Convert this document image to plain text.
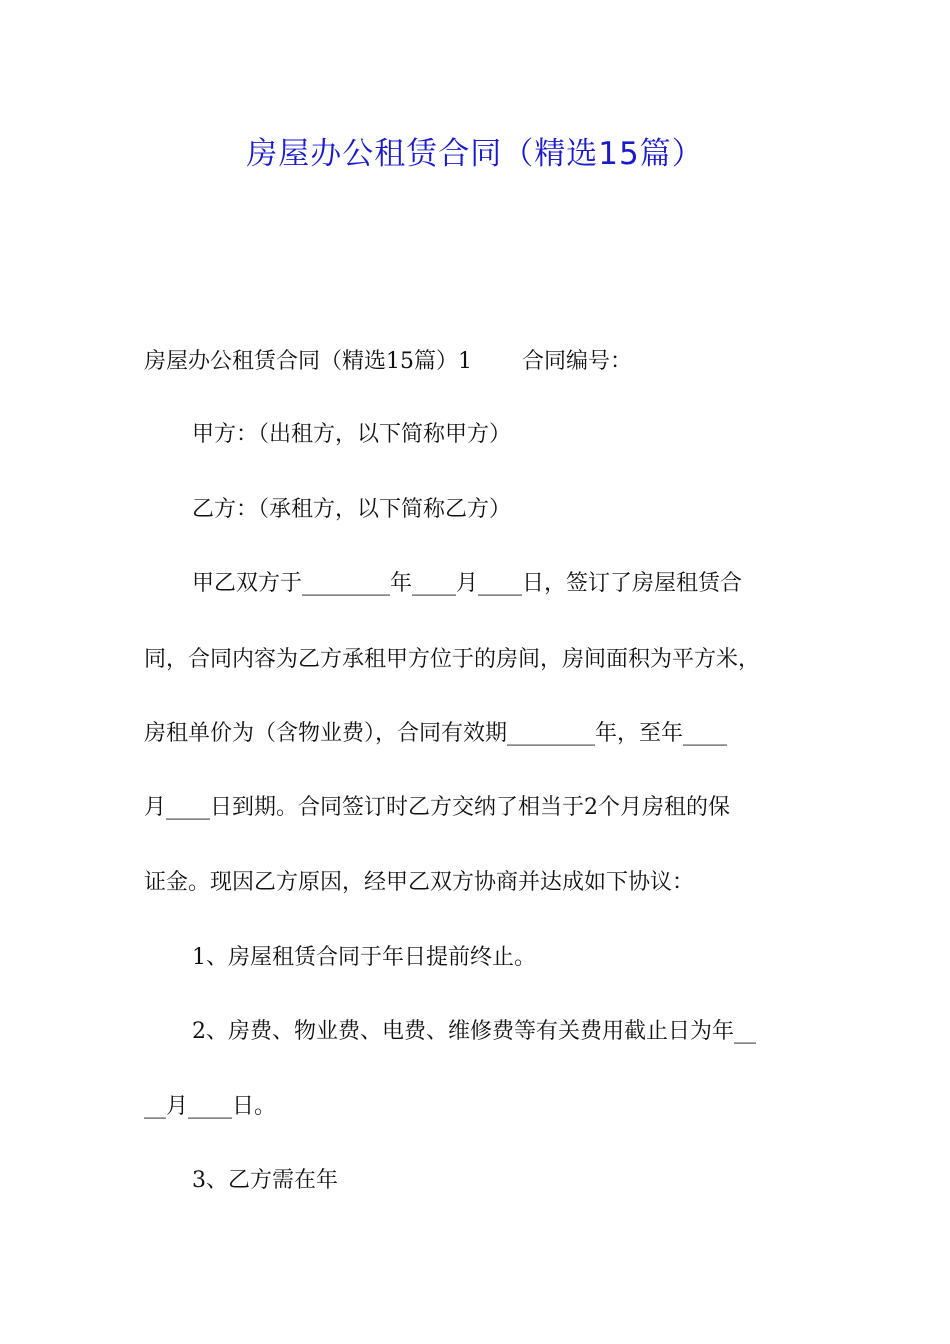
房屋办公租赁合同（精选15篇）
房屋办公租赁合同（精选15篇）1 合同编号：
甲方：（出租方，以下简称甲方）
乙方：（承租方，以下简称乙方）
甲乙双方于________年____月____日，签订了房屋租赁合
同，合同内容为乙方承租甲方位于的房间，房间面积为平方米，
房租单价为（含物业费），合同有效期________年，至年____
月____日到期。合同签订时乙方交纳了相当于2个月房租的保
证金。现因乙方原因，经甲乙双方协商并达成如下协议：
1、房屋租赁合同于年日提前终止。
2、房费、物业费、电费、维修费等有关费用截止日为年__
__月____日。
3、乙方需在年
